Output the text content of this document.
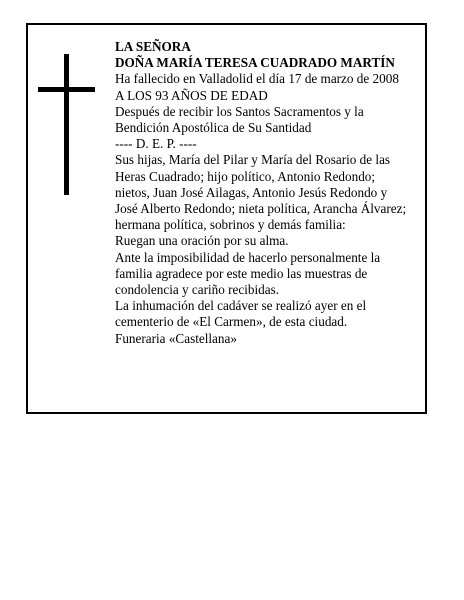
LA SEÑORA

DOÑA MARÍA TERESA CUADRADO MARTÍN

Ha fallecido en Valladolid el día 17 de marzo de 2008

A LOS 93 AÑOS DE EDAD

Después de recibir los Santos Sacramentos y la

Bendición Apostólica de Su Santidad

---- D. E. P. ----

Sus hijas, María del Pilar y María del Rosario de las

Heras Cuadrado; hijo político, Antonio Redondo;

nietos, Juan José Ailagas, Antonio Jesús Redondo y

José Alberto Redondo; nieta política, Arancha Álvarez;

hermana política, sobrinos y demás familia:

Ruegan una oración por su alma.

Ante la imposibilidad de hacerlo personalmente la

familia agradece por este medio las muestras de

condolencia y cariño recibidas.

La inhumación del cadáver se realizó ayer en el

cementerio de «El Carmen», de esta ciudad.

Funeraria «Castellana»
